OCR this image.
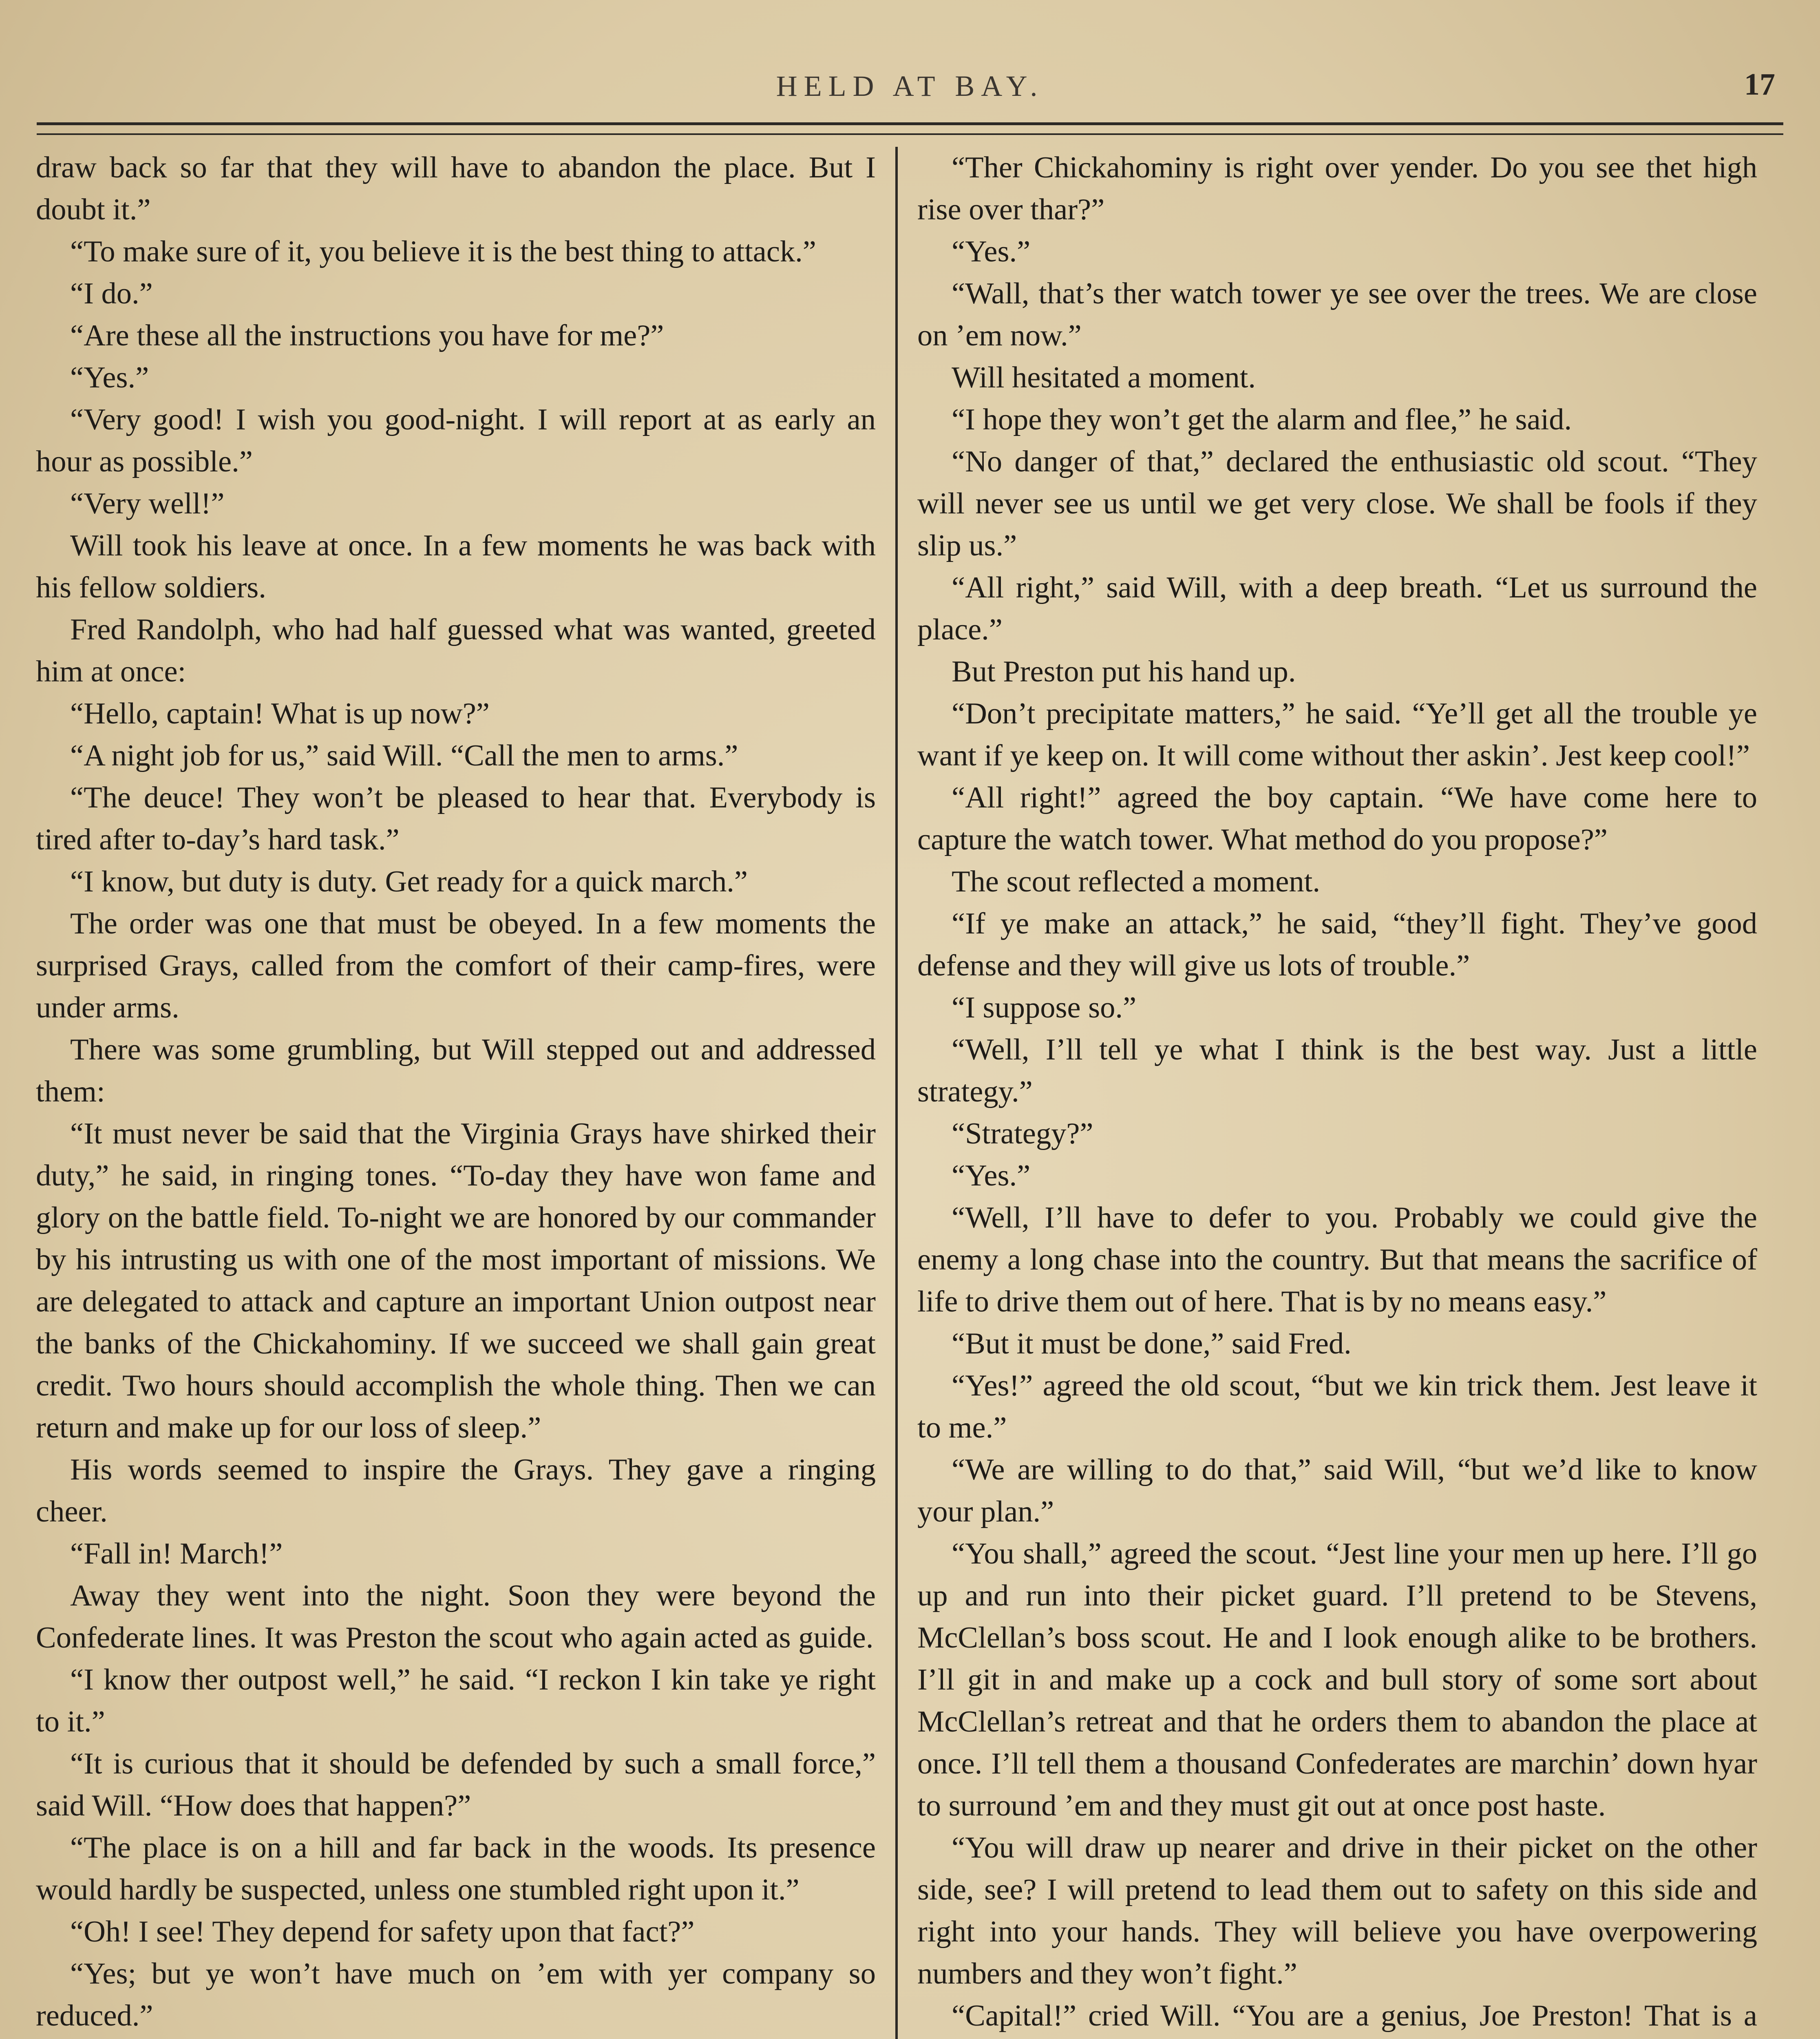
HELD AT BAY.	17

draw back so far that they will have to abandon the place. But I doubt it.”

“To make sure of it, you believe it is the best thing to attack.”

“I do.”

“Are these all the instructions you have for me?”

“Yes.”

“Very good! I wish you good-night. I will report at as early an hour as possible.”

“Very well!”

Will took his leave at once. In a few moments he was back with his fellow soldiers.

Fred Randolph, who had half guessed what was wanted, greeted him at once:

“Hello, captain! What is up now?”

“A night job for us,” said Will. “Call the men to arms.”

“The deuce! They won’t be pleased to hear that. Everybody is tired after to-day’s hard task.”

“I know, but duty is duty. Get ready for a quick march.”

The order was one that must be obeyed. In a few moments the surprised Grays, called from the comfort of their camp-fires, were under arms.

There was some grumbling, but Will stepped out and addressed them:

“It must never be said that the Virginia Grays have shirked their duty,” he said, in ringing tones. “To-day they have won fame and glory on the battle field. To-night we are honored by our commander by his intrusting us with one of the most important of missions. We are delegated to attack and capture an important Union outpost near the banks of the Chickahominy. If we succeed we shall gain great credit. Two hours should accomplish the whole thing. Then we can return and make up for our loss of sleep.”

His words seemed to inspire the Grays. They gave a ringing cheer.

“Fall in! March!”

Away they went into the night. Soon they were beyond the Confederate lines. It was Preston the scout who again acted as guide.

“I know ther outpost well,” he said. “I reckon I kin take ye right to it.”

“It is curious that it should be defended by such a small force,” said Will. “How does that happen?”

“The place is on a hill and far back in the woods. Its presence would hardly be suspected, unless one stumbled right upon it.”

“Oh! I see! They depend for safety upon that fact?”

“Yes; but ye won’t have much on ’em with yer company so reduced.”

“Ther Chickahominy is right over yender. Do you see thet high rise over thar?”

“Yes.”

“Wall, that’s ther watch tower ye see over the trees. We are close on ’em now.”

Will hesitated a moment.

“I hope they won’t get the alarm and flee,” he said.

“No danger of that,” declared the enthusiastic old scout. “They will never see us until we get very close. We shall be fools if they slip us.”

“All right,” said Will, with a deep breath. “Let us surround the place.”

But Preston put his hand up.

“Don’t precipitate matters,” he said. “Ye’ll get all the trouble ye want if ye keep on. It will come without ther askin’. Jest keep cool!”

“All right!” agreed the boy captain. “We have come here to capture the watch tower. What method do you propose?”

The scout reflected a moment.

“If ye make an attack,” he said, “they’ll fight. They’ve good defense and they will give us lots of trouble.”

“I suppose so.”

“Well, I’ll tell ye what I think is the best way. Just a little strategy.”

“Strategy?”

“Yes.”

“Well, I’ll have to defer to you. Probably we could give the enemy a long chase into the country. But that means the sacrifice of life to drive them out of here. That is by no means easy.”

“But it must be done,” said Fred.

“Yes!” agreed the old scout, “but we kin trick them. Jest leave it to me.”

“We are willing to do that,” said Will, “but we’d like to know your plan.”

“You shall,” agreed the scout. “Jest line your men up here. I’ll go up and run into their picket guard. I’ll pretend to be Stevens, McClellan’s boss scout. He and I look enough alike to be brothers. I’ll git in and make up a cock and bull story of some sort about McClellan’s retreat and that he orders them to abandon the place at once. I’ll tell them a thousand Confederates are marchin’ down hyar to surround ’em and they must git out at once post haste.

“You will draw up nearer and drive in their picket on the other side, see? I will pretend to lead them out to safety on this side and right into your hands. They will believe you have overpowering numbers and they won’t fight.”

“Capital!” cried Will. “You are a genius, Joe Preston! That is a
